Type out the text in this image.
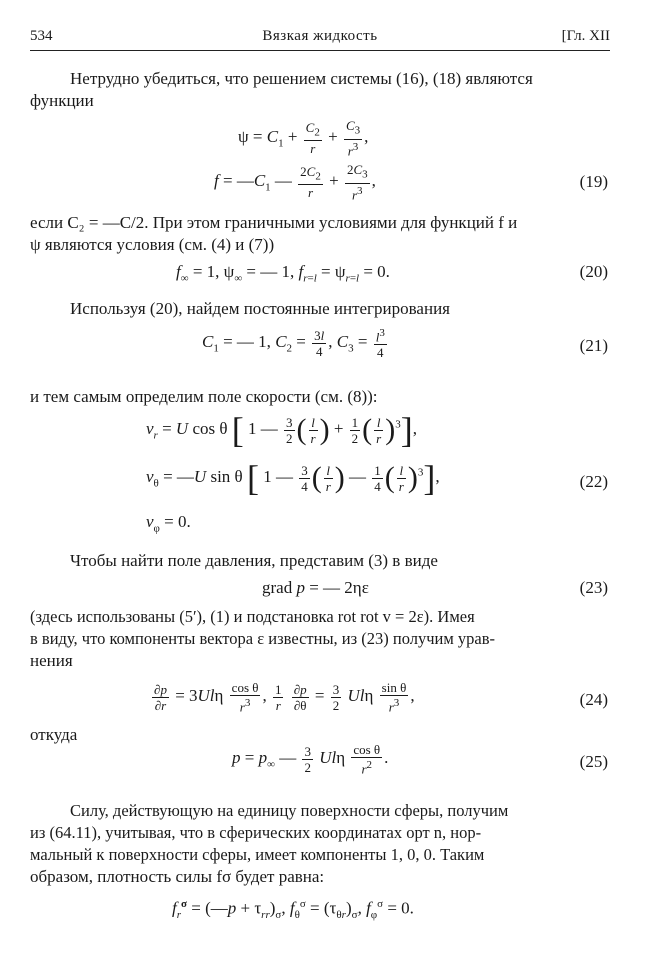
534	Вязкая жидкость	[Гл. XII
Нетрудно убедиться, что решением системы (16), (18) являются
функции
$\psi = C_1 + \frac{C_2}{r} + \frac{C_3}{r^3}$ ,
$f = —C_1$ — $\frac{2C_2}{r} + \frac{2C_3}{r^3}$ ,	(19)
если C₂ = —C/2. При этом граничными условиями для функций f и
ψ являются условия (см. (4) и (7))
$f_\infty = 1$, $\psi_\infty$ = — 1, $f_{r=l} = \psi_{r=l} = 0$.	(20)
Используя (20), найдем постоянные интегрирования
$C_1$ = — 1, $C_2 = \frac{3l}{4}$ , $C_3 = \frac{l^3}{4}$	(21)
и тем самым определим поле скорости (см. (8)):
$v_r = U$ cos θ [ 1 — $\frac{3}{2}$ ( $\frac{l}{r}$ ) + $\frac{1}{2}$ ( $\frac{l}{r} )^3$],
$v_\theta$ = —U sin θ [ 1 — $\frac{3}{4}$ ( $\frac{l}{r}$ ) — $\frac{1}{4}$ ( $\frac{l}{r} )^3$],	(22)
$v_\varphi = 0$.
Чтобы найти поле давления, представим (3) в виде
grad p = — 2ηε	(23)
(здесь использованы (5′), (1) и подстановка rot rot v = 2ε). Имея
в виду, что компоненты вектора ε известны, из (23) получим урав-
нения
$\frac{\partial p}{\partial r} = 3Ul\eta \frac{\text{cos θ}}{r^3}$ , $\frac{1}{r}$
$\frac{\partial p}{\partial\theta} = \frac{3}{2}$ Ulη $\frac{\text{sin θ}}{r^3}$ ,	(24)
откуда
$p = p_\infty$ — $\frac{3}{2}$ Ulη $\frac{\text{cos θ}}{r^2}$ .	(25)
Силу, действующую на единицу поверхности сферы, получим
из (64.11), учитывая, что в сферических координатах орт n, нор-
мальный к поверхности сферы, имеет компоненты 1, 0, 0. Таким
образом, плотность силы fσ будет равна:
$f_r^\sigma$ = (—p + $\tau_{rr})_\sigma$, $f_\theta^\sigma = (\tau_{\theta r})_\sigma$, $f_\varphi^\sigma = 0$.
